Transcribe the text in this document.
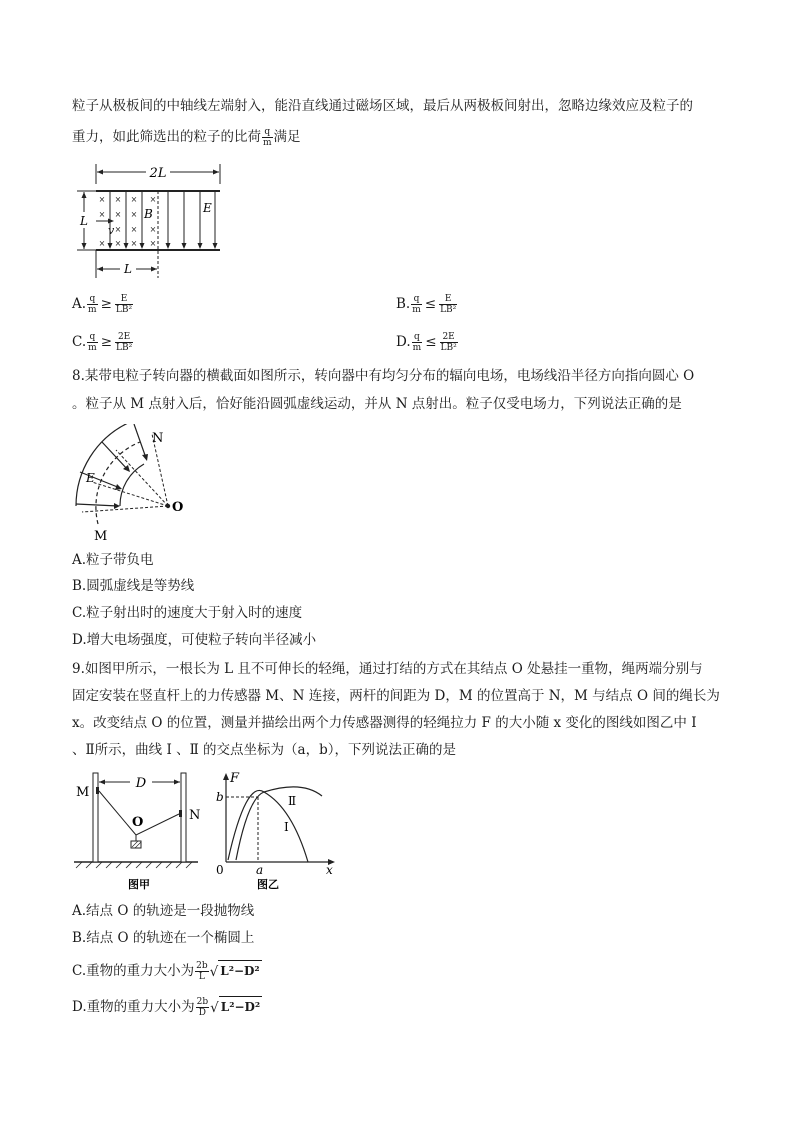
粒子从极板间的中轴线左端射入，能沿直线通过磁场区域，最后从两极板间射出，忽略边缘效应及粒子的
重力，如此筛选出的粒子的比荷 $\frac{q}{m}$ 满足
2L
L
×
×
×
×
×
×
×
×
×
×
×
×
×
×
B
v
E
L
A. $\frac{q}{m} \ge \frac{E}{\text{LB²}}$	B. $\frac{q}{m} \le \frac{E}{\text{LB²}}$
C. $\frac{q}{m} \ge \frac{2E}{\text{LB²}}$	D. $\frac{q}{m} \le \frac{2E}{\text{LB²}}$
8.某带电粒子转向器的横截面如图所示，转向器中有均匀分布的辐向电场，电场线沿半径方向指向圆心 O
。粒子从 M 点射入后，恰好能沿圆弧虚线运动，并从 N 点射出。粒子仅受电场力，下列说法正确的是
N
E
O
M
A.粒子带负电
B.圆弧虚线是等势线
C.粒子射出时的速度大于射入时的速度
D.增大电场强度，可使粒子转向半径减小
9.如图甲所示，一根长为 L 且不可伸长的轻绳，通过打结的方式在其结点 O 处悬挂一重物，绳两端分别与
固定安装在竖直杆上的力传感器 M、N 连接，两杆的间距为 D，M 的位置高于 N，M 与结点 O 间的绳长为
x。改变结点 O 的位置，测量并描绘出两个力传感器测得的轻绳拉力 F 的大小随 x 变化的图线如图乙中 Ⅰ
、Ⅱ所示，曲线 Ⅰ 、Ⅱ 的交点坐标为（a，b），下列说法正确的是
D
M
N
O
图甲
F
b
0	a	x
Ⅱ
Ⅰ
图乙
A.结点 O 的轨迹是一段抛物线
B.结点 O 的轨迹在一个椭圆上
C.重物的重力大小为 $\frac{2b}{L}$ √ L²−D²
D.重物的重力大小为 $\frac{2b}{D}$ √ L²−D²
